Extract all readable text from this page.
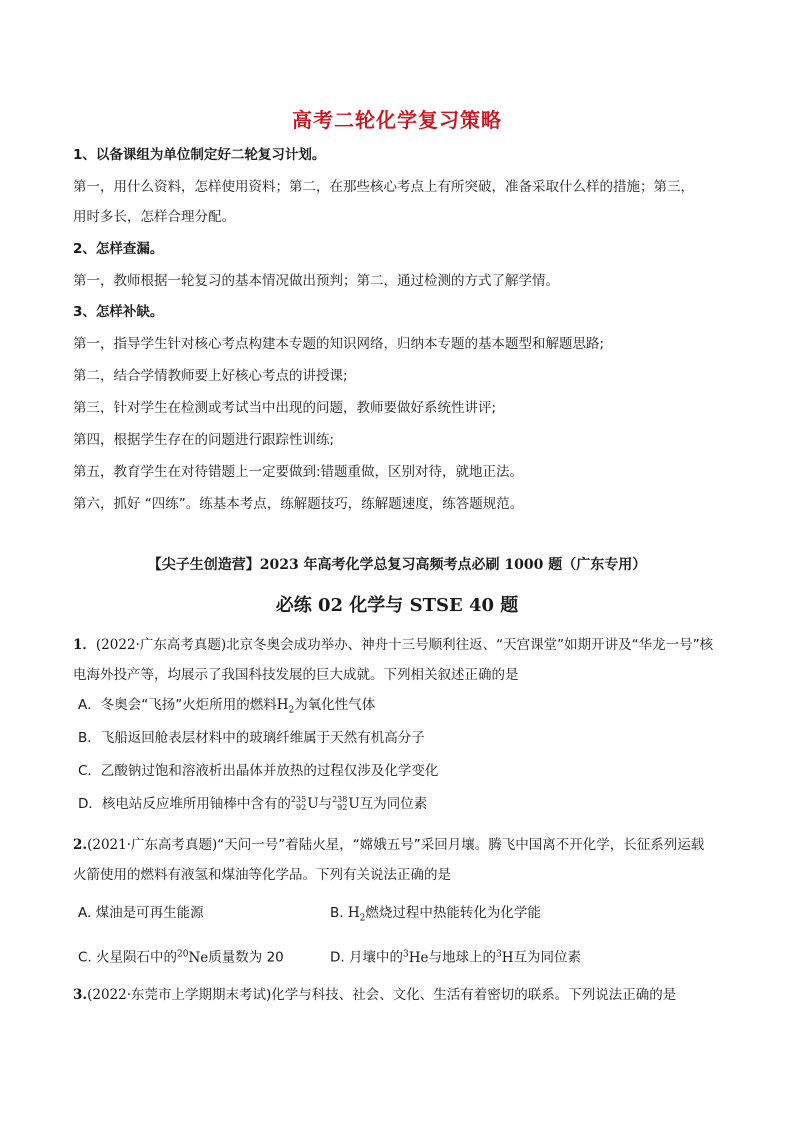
高考二轮化学复习策略
1、以备课组为单位制定好二轮复习计划。
第一，用什么资料，怎样使用资料；第二，在那些核心考点上有所突破，准备采取什么样的措施；第三，
用时多长，怎样合理分配。
2、怎样查漏。
第一，教师根据一轮复习的基本情况做出预判；第二，通过检测的方式了解学情。
3、怎样补缺。
第一，指导学生针对核心考点构建本专题的知识网络，归纳本专题的基本题型和解题思路;
第二，结合学情教师要上好核心考点的讲授课;
第三，针对学生在检测或考试当中出现的问题，教师要做好系统性讲评;
第四，根据学生存在的问题进行跟踪性训练;
第五，教育学生在对待错题上一定要做到:错题重做，区别对待，就地正法。
第六，抓好 “四练”。练基本考点，练解题技巧，练解题速度，练答题规范。
【尖子生创造营】2023 年高考化学总复习高频考点必刷 1000 题（广东专用）
必练 02 化学与 STSE 40 题
1．(2022·广东高考真题)北京冬奥会成功举办、神舟十三号顺利往返、“天宫课堂”如期开讲及“华龙一号”核
电海外投产等，均展示了我国科技发展的巨大成就。下列相关叙述正确的是
A．冬奥会“飞扬”火炬所用的燃料$H_2$为氧化性气体
B．飞船返回舱表层材料中的玻璃纤维属于天然有机高分子
C．乙酸钠过饱和溶液析出晶体并放热的过程仅涉及化学变化
D．核电站反应堆所用铀棒中含有的 235
92 U与 238
92 U互为同位素
2.(2021·广东高考真题)“天问一号”着陆火星，“嫦娥五号”采回月壤。腾飞中国离不开化学，长征系列运载
火箭使用的燃料有液氢和煤油等化学品。下列有关说法正确的是
A. 煤油是可再生能源	B. $H_2$燃烧过程中热能转化为化学能
C. 火星陨石中的$^{20}$Ne质量数为 20	D. 月壤中的$^3$He与地球上的$^3$H互为同位素
3.(2022·东莞市上学期期末考试)化学与科技、社会、文化、生活有着密切的联系。下列说法正确的是
